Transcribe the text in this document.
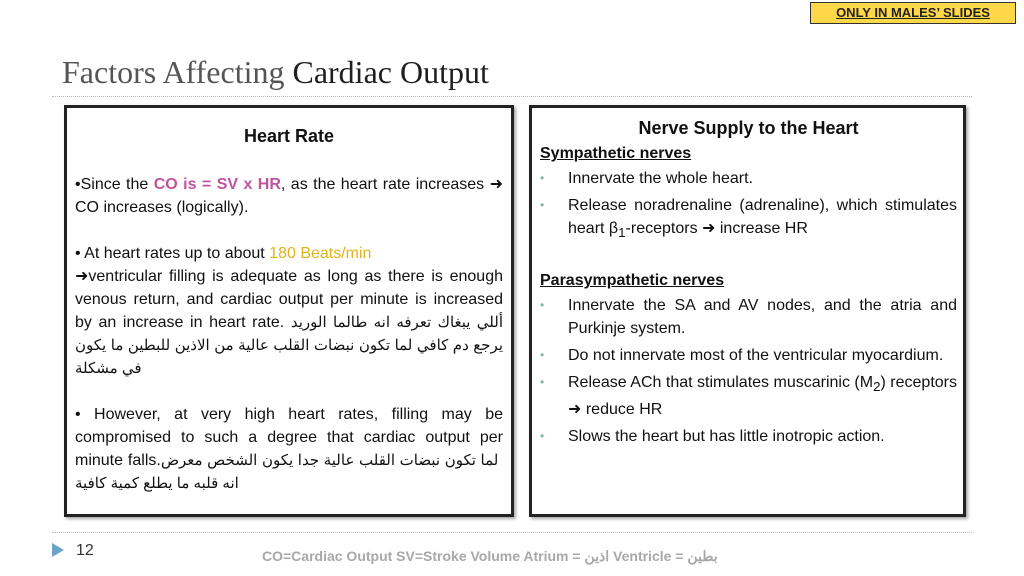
ONLY IN MALES’ SLIDES
Factors Affecting Cardiac Output

Heart Rate

•Since the CO is = SV x HR, as the heart rate increases ➜ CO increases (logically).

• At heart rates up to about 180 Beats/min
➜ventricular filling is adequate as long as there is enough venous return, and cardiac output per minute is increased by an increase in heart rate. أللي يبغاك تعرفه انه طالما الوريد يرجع دم كافي لما تكون نبضات القلب عالية من الاذين للبطين ما يكون في مشكلة

• However, at very high heart rates, filling may be compromised to such a degree that cardiac output per minute falls. لما تكون نبضات القلب عالية جدا يكون الشخص معرض انه قلبه ما يطلع كمية كافية

Nerve Supply to the Heart

Sympathetic nerves

• Innervate the whole heart.
• Release noradrenaline (adrenaline), which stimulates heart $\beta_1$-receptors ➜ increase HR

Parasympathetic nerves

• Innervate the SA and AV nodes, and the atria and Purkinje system.
• Do not innervate most of the ventricular myocardium.
• Release ACh that stimulates muscarinic $(M_2)$ receptors ➜ reduce HR
• Slows the heart but has little inotropic action.
12	CO=Cardiac Output SV=Stroke Volume Atrium = اذين Ventricle = بطين
